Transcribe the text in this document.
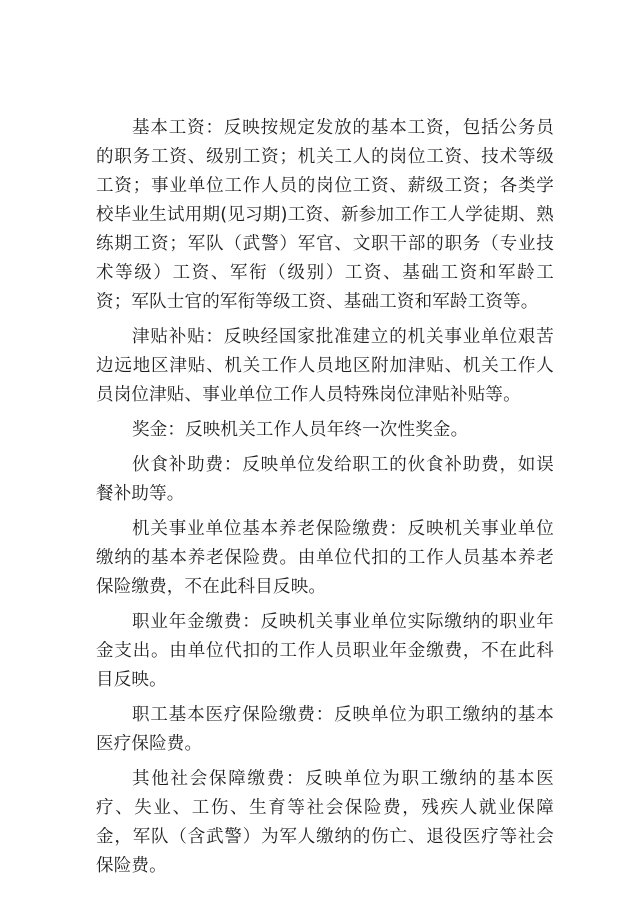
基本工资：反映按规定发放的基本工资，包括公务员的职务工资、级别工资；机关工人的岗位工资、技术等级工资；事业单位工作人员的岗位工资、薪级工资；各类学校毕业生试用期(见习期)工资、新参加工作工人学徒期、熟练期工资；军队（武警）军官、文职干部的职务（专业技术等级）工资、军衔（级别）工资、基础工资和军龄工资；军队士官的军衔等级工资、基础工资和军龄工资等。

津贴补贴：反映经国家批准建立的机关事业单位艰苦边远地区津贴、机关工作人员地区附加津贴、机关工作人员岗位津贴、事业单位工作人员特殊岗位津贴补贴等。

奖金：反映机关工作人员年终一次性奖金。

伙食补助费：反映单位发给职工的伙食补助费，如误餐补助等。

机关事业单位基本养老保险缴费：反映机关事业单位缴纳的基本养老保险费。由单位代扣的工作人员基本养老保险缴费，不在此科目反映。

职业年金缴费：反映机关事业单位实际缴纳的职业年金支出。由单位代扣的工作人员职业年金缴费，不在此科目反映。

职工基本医疗保险缴费：反映单位为职工缴纳的基本医疗保险费。

其他社会保障缴费：反映单位为职工缴纳的基本医疗、失业、工伤、生育等社会保险费，残疾人就业保障金，军队（含武警）为军人缴纳的伤亡、退役医疗等社会保险费。
